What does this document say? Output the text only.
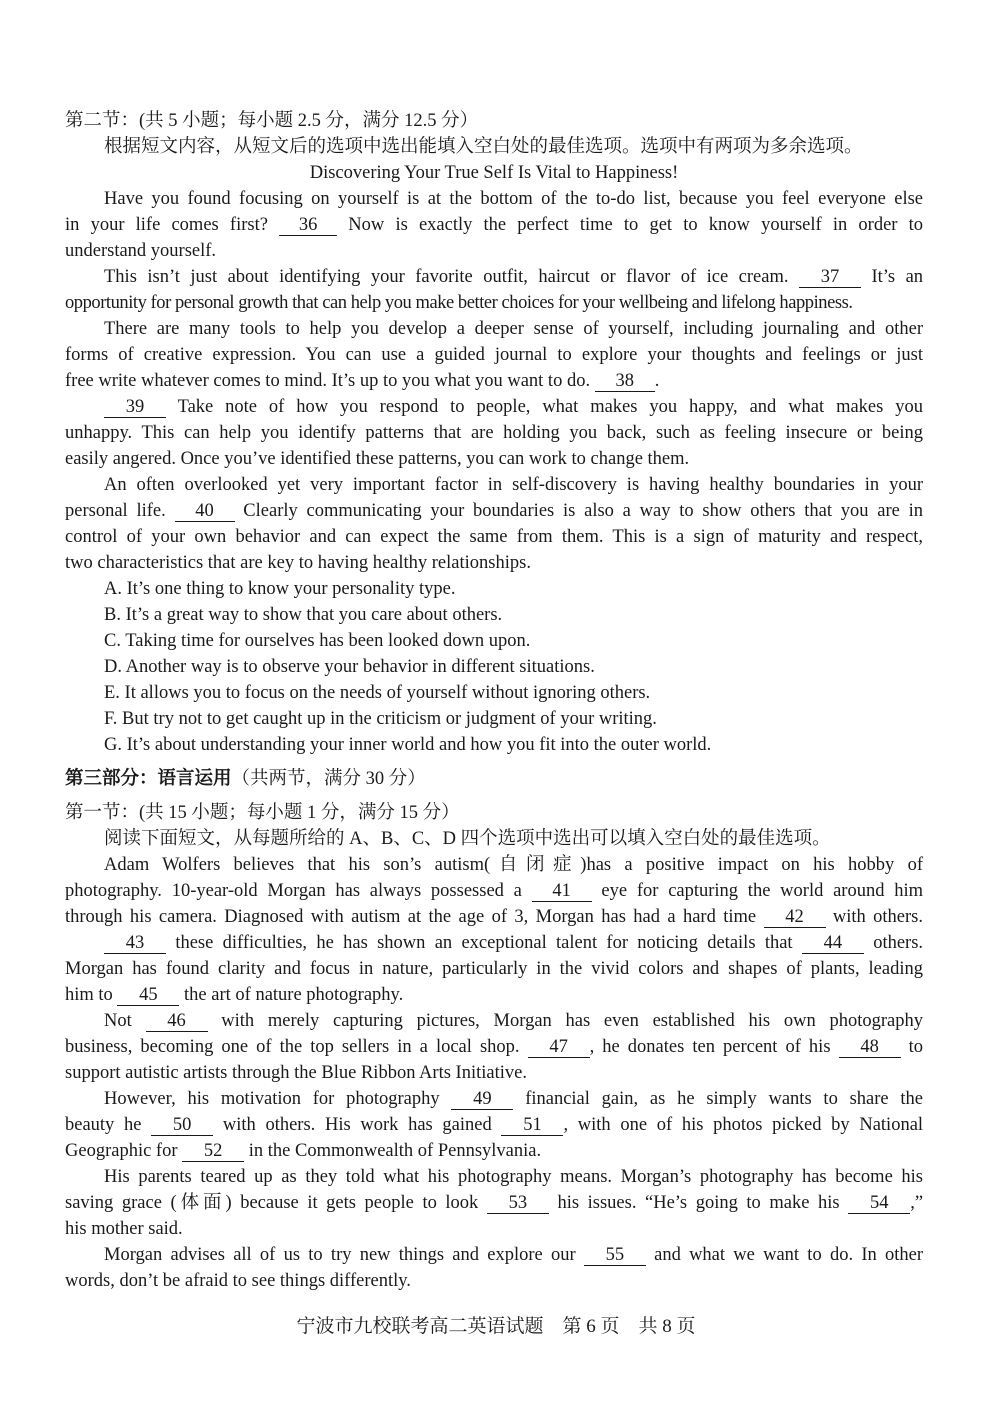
第二节：(共 5 小题；每小题 2.5 分，满分 12.5 分）
根据短文内容，从短文后的选项中选出能填入空白处的最佳选项。选项中有两项为多余选项。
Discovering Your True Self Is Vital to Happiness!
Have you found focusing on yourself is at the bottom of the to-do list, because you feel everyone else
in your life comes first? 36 Now is exactly the perfect time to get to know yourself in order to
understand yourself.
This isn’t just about identifying your favorite outfit, haircut or flavor of ice cream. 37 It’s an
opportunity for personal growth that can help you make better choices for your wellbeing and lifelong happiness.
There are many tools to help you develop a deeper sense of yourself, including journaling and other
forms of creative expression. You can use a guided journal to explore your thoughts and feelings or just
free write whatever comes to mind. It’s up to you what you want to do. 38 .
39 Take note of how you respond to people, what makes you happy, and what makes you
unhappy. This can help you identify patterns that are holding you back, such as feeling insecure or being
easily angered. Once you’ve identified these patterns, you can work to change them.
An often overlooked yet very important factor in self-discovery is having healthy boundaries in your
personal life. 40 Clearly communicating your boundaries is also a way to show others that you are in
control of your own behavior and can expect the same from them. This is a sign of maturity and respect,
two characteristics that are key to having healthy relationships.
A. It’s one thing to know your personality type.
B. It’s a great way to show that you care about others.
C. Taking time for ourselves has been looked down upon.
D. Another way is to observe your behavior in different situations.
E. It allows you to focus on the needs of yourself without ignoring others.
F. But try not to get caught up in the criticism or judgment of your writing.
G. It’s about understanding your inner world and how you fit into the outer world.
第三部分：语言运用（共两节，满分 30 分）
第一节：(共 15 小题；每小题 1 分，满分 15 分）
阅读下面短文，从每题所给的 A、B、C、D 四个选项中选出可以填入空白处的最佳选项。
Adam Wolfers believes that his son’s autism(自闭症)has a positive impact on his hobby of
photography. 10-year-old Morgan has always possessed a 41 eye for capturing the world around him
through his camera. Diagnosed with autism at the age of 3, Morgan has had a hard time 42 with others.
43 these difficulties, he has shown an exceptional talent for noticing details that 44 others.
Morgan has found clarity and focus in nature, particularly in the vivid colors and shapes of plants, leading
him to 45 the art of nature photography.
Not 46 with merely capturing pictures, Morgan has even established his own photography
business, becoming one of the top sellers in a local shop. 47 , he donates ten percent of his 48 to
support autistic artists through the Blue Ribbon Arts Initiative.
However, his motivation for photography 49 financial gain, as he simply wants to share the
beauty he 50 with others. His work has gained 51 , with one of his photos picked by National
Geographic for 52 in the Commonwealth of Pennsylvania.
His parents teared up as they told what his photography means. Morgan’s photography has become his
saving grace (体面) because it gets people to look 53 his issues. “He’s going to make his 54 ,”
his mother said.
Morgan advises all of us to try new things and explore our 55 and what we want to do. In other
words, don’t be afraid to see things differently.
宁波市九校联考高二英语试题　第 6 页　共 8 页
